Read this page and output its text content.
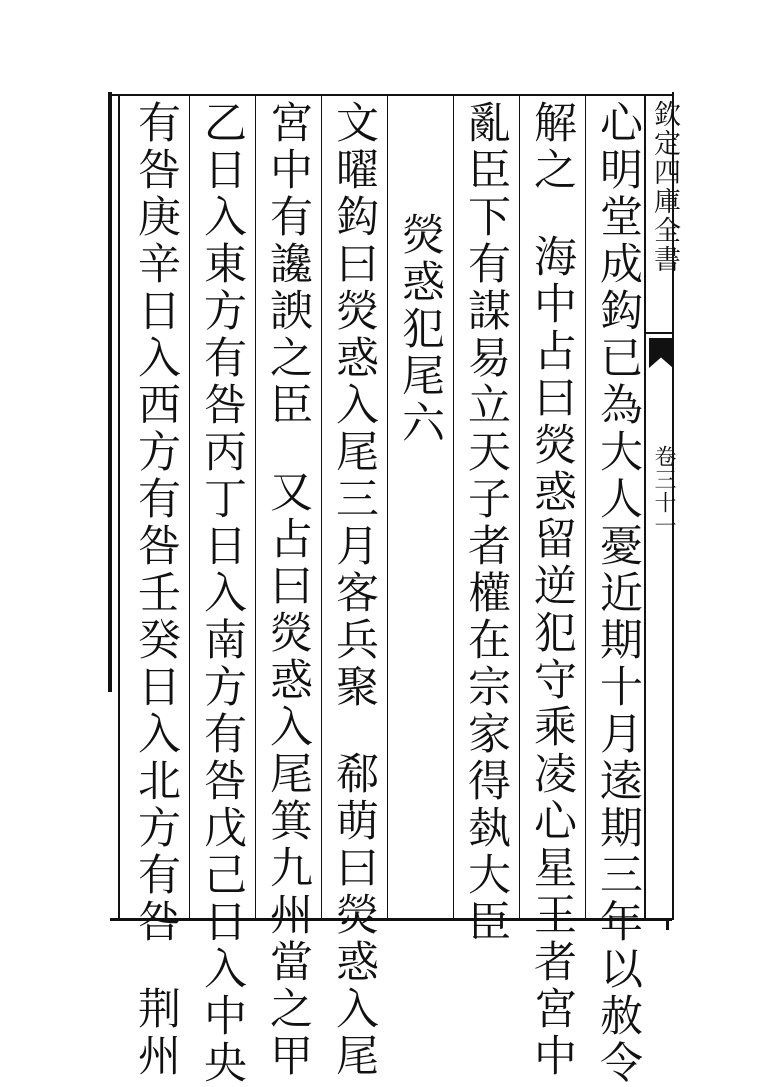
欽定四庫全書
卷三十一
心明堂成鈎已為大人憂近期十月逺期三年以赦令
解之海中占曰熒惑留逆犯守乘凌心星王者宮中
亂臣下有謀易立天子者權在宗家得埶大臣
熒惑犯尾六
文曜鈎曰熒惑入尾三月客兵聚郗萌曰熒惑入尾
宮中有讒諛之臣又占曰熒惑入尾箕九州當之甲
乙日入東方有咎丙丁日入南方有咎戊己日入中央
有咎庚辛日入西方有咎壬癸日入北方有咎荆州
